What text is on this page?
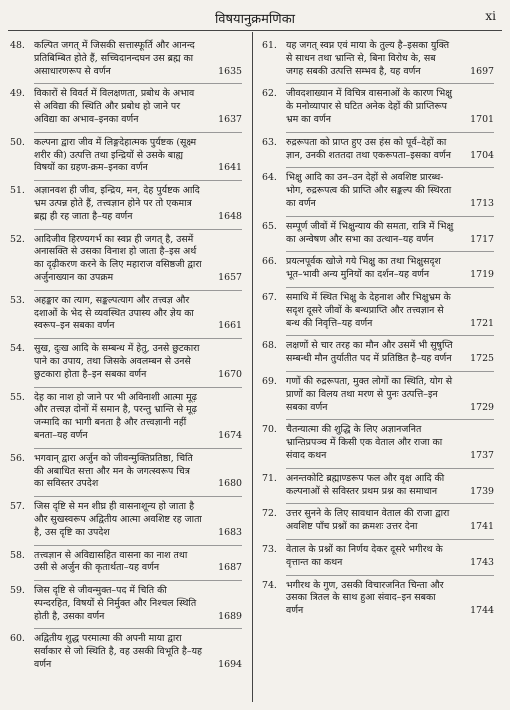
विषयानुक्रमणिका	xi
48. कल्पित जगत् में जिसकी सत्तास्फूर्ति और आनन्द प्रतिबिम्बित होते हैं, सच्चिदानन्दघन उस ब्रह्म का असाधारणरूप से वर्णन	1635
49. विकारों से विवर्त में विलक्षणता, प्रबोध के अभाव से अविद्या की स्थिति और प्रबोध हो जाने पर अविद्या का अभाव–इनका वर्णन	1637
50. कल्पना द्वारा जीव में लिङ्गदेहात्मक पुर्यष्टक (सूक्ष्म शरीर की) उत्पत्ति तथा इन्द्रियों से उसके बाह्य विषयों का ग्रहण-क्रम–इनका वर्णन	1641
51. अज्ञानवश ही जीव, इन्द्रिय, मन, देह पुर्यष्टक आदि भ्रम उत्पन्न होते हैं, तत्त्वज्ञान होने पर तो एकमात्र ब्रह्म ही रह जाता है–यह वर्णन	1648
52. आदिजीव हिरण्यगर्भ का स्वप्न ही जगत् है, उसमें अनासक्ति से उसका विनाश हो जाता है–इस अर्थ का दृढ़ीकरण करने के लिए महाराज वसिष्ठजी द्वारा अर्जुनाख्यान का उपक्रम	1657
53. अहङ्कार का त्याग, सङ्कल्पत्याग और तत्त्वज्ञ और दशाओं के भेद से व्यवस्थित उपास्य और ज्ञेय का स्वरूप–इन सबका वर्णन	1661
54. सुख, दुःख आदि के सम्बन्ध में हेतु, उनसे छुटकारा पाने का उपाय, तथा जिसके अवलम्बन से उनसे छुटकारा होता है–इन सबका वर्णन	1670
55. देह का नाश हो जाने पर भी अविनाशी आत्मा मूढ़ और तत्त्वज्ञ दोनों में समान है, परन्तु भ्रान्ति से मूढ़ जन्मादि का भागी बनता है और तत्त्वज्ञानी नहीं बनता–यह वर्णन	1674
56. भगवान् द्वारा अर्जुन को जीवन्मुक्तिप्रतिष्ठा, चिति की अबाधित सत्ता और मन के जगत्स्वरूप चित्र का सविस्तर उपदेश	1680
57. जिस दृष्टि से मन शीघ्र ही वासनाशून्य हो जाता है और सुखस्वरूप अद्वितीय आत्मा अवशिष्ट रह जाता है, उस दृष्टि का उपदेश	1683
58. तत्त्वज्ञान से अविद्यासहित वासना का नाश तथा उसी से अर्जुन की कृतार्थता–यह वर्णन	1687
59. जिस दृष्टि से जीवन्मुक्त–पद में चिति की स्पन्दरहित, विषयों से निर्मुक्त और निश्चल स्थिति होती है, उसका वर्णन	1689
60. अद्वितीय शुद्ध परमात्मा की अपनी माया द्वारा सर्वाकार से जो स्थिति है, वह उसकी विभूति है–यह वर्णन	1694
61. यह जगत् स्वप्न एवं माया के तुल्य है–इसका युक्ति से साधन तथा भ्रान्ति से, बिना विरोध के, सब जगह सबकी उत्पत्ति सम्भव है, यह वर्णन	1697
62. जीवदशाख्यान में विचित्र वासनाओं के कारण भिक्षु के मनोव्यापार से घटित अनेक देहों की प्राप्तिरूप भ्रम का वर्णन	1701
63. रुद्ररूपता को प्राप्त हुए उस हंस को पूर्व–देहों का ज्ञान, उनकी शततदा तथा एकरूपता–इसका वर्णन	1704
64. भिक्षु आदि का उन–उन देहों से अवशिष्ट प्रारब्ध-भोग, रुद्ररूपत्व की प्राप्ति और सङ्कल्प की स्थिरता का वर्णन	1713
65. सम्पूर्ण जीवों में भिक्षुन्याय की समता, रात्रि में भिक्षु का अन्वेषण और सभा का उत्थान–यह वर्णन	1717
66. प्रयत्नपूर्वक खोजे गये भिक्षु का तथा भिक्षुसदृश भूत–भावी अन्य मुनियों का दर्शन–यह वर्णन	1719
67. समाधि में स्थित भिक्षु के देहनाश और भिक्षुभ्रम के सदृश दूसरे जीवों के बन्धप्राप्ति और तत्त्वज्ञान से बन्ध की निवृत्ति–यह वर्णन	1721
68. लक्षणों से चार तरह का मौन और उसमें भी सुषुप्ति सम्बन्धी मौन तुर्यातीत पद में प्रतिष्ठित है–यह वर्णन	1725
69. गणों की रुद्ररूपता, मुक्त लोगों का स्थिति, योग से प्राणों का विलय तथा मरण से पुनः उत्पत्ति–इन सबका वर्णन	1729
70. चैतन्यात्मा की शुद्धि के लिए अज्ञानजनित भ्रान्तिप्रपञ्च में किसी एक वेताल और राजा का संवाद कथन	1737
71. अनन्तकोटि ब्रह्माण्डरूप फल और वृक्ष आदि की कल्पनाओं से सविस्तर प्रथम प्रश्न का समाधान	1739
72. उत्तर सुनने के लिए सावधान वेताल की राजा द्वारा अवशिष्ट पाँच प्रश्नों का क्रमशः उत्तर देना	1741
73. वेताल के प्रश्नों का निर्णय देकर दूसरे भगीरथ के वृत्तान्त का कथन	1743
74. भगीरथ के गुण, उसकी विचारजनित चिन्ता और उसका त्रितल के साथ हुआ संवाद–इन सबका वर्णन	1744
